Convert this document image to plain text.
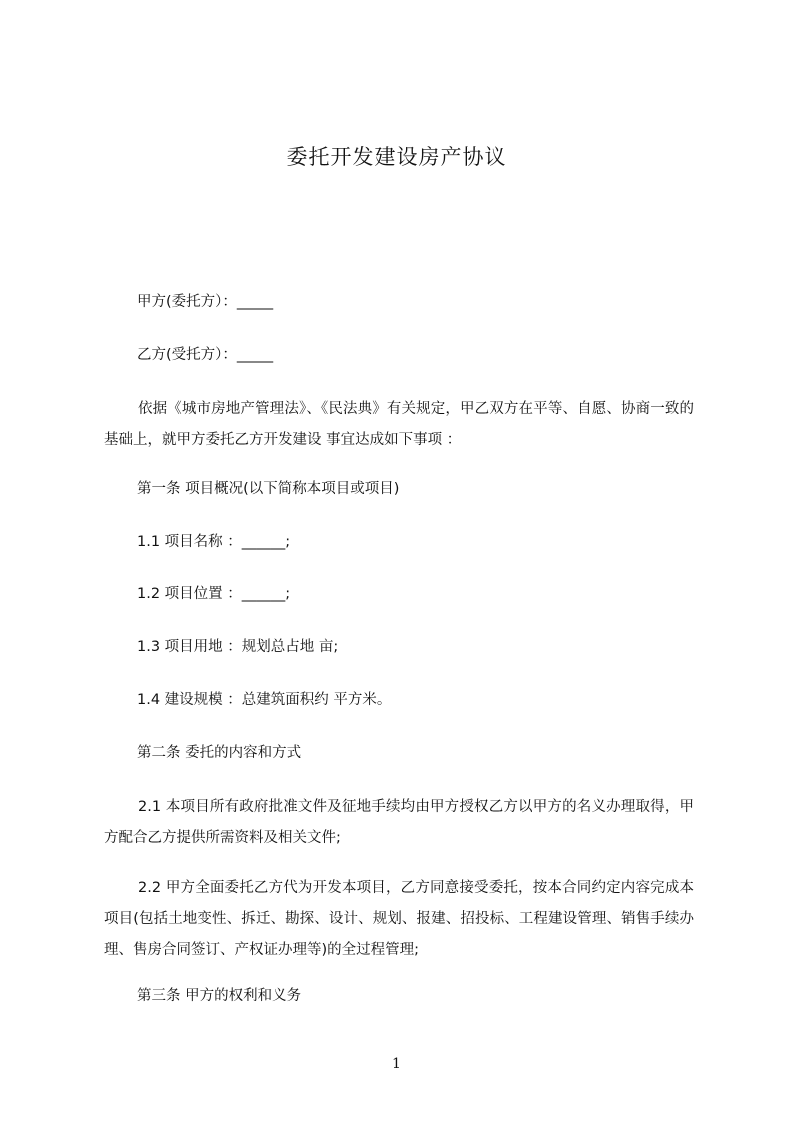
委托开发建设房产协议
甲方(委托方）：_____
乙方(受托方）：_____
依据《城市房地产管理法》、《民法典》有关规定，甲乙双方在平等、自愿、协商一致的基础上，就甲方委托乙方开发建设 事宜达成如下事项 ：
第一条 项目概况(以下简称本项目或项目)
1.1 项目名称 ：______;
1.2 项目位置 ：______;
1.3 项目用地 ：规划总占地 亩;
1.4 建设规模 ：总建筑面积约 平方米。
第二条 委托的内容和方式
2.1 本项目所有政府批准文件及征地手续均由甲方授权乙方以甲方的名义办理取得，甲方配合乙方提供所需资料及相关文件;
2.2 甲方全面委托乙方代为开发本项目，乙方同意接受委托，按本合同约定内容完成本项目(包括土地变性、拆迁、勘探、设计、规划、报建、招投标、工程建设管理、销售手续办理、售房合同签订、产权证办理等)的全过程管理;
第三条 甲方的权利和义务
1
